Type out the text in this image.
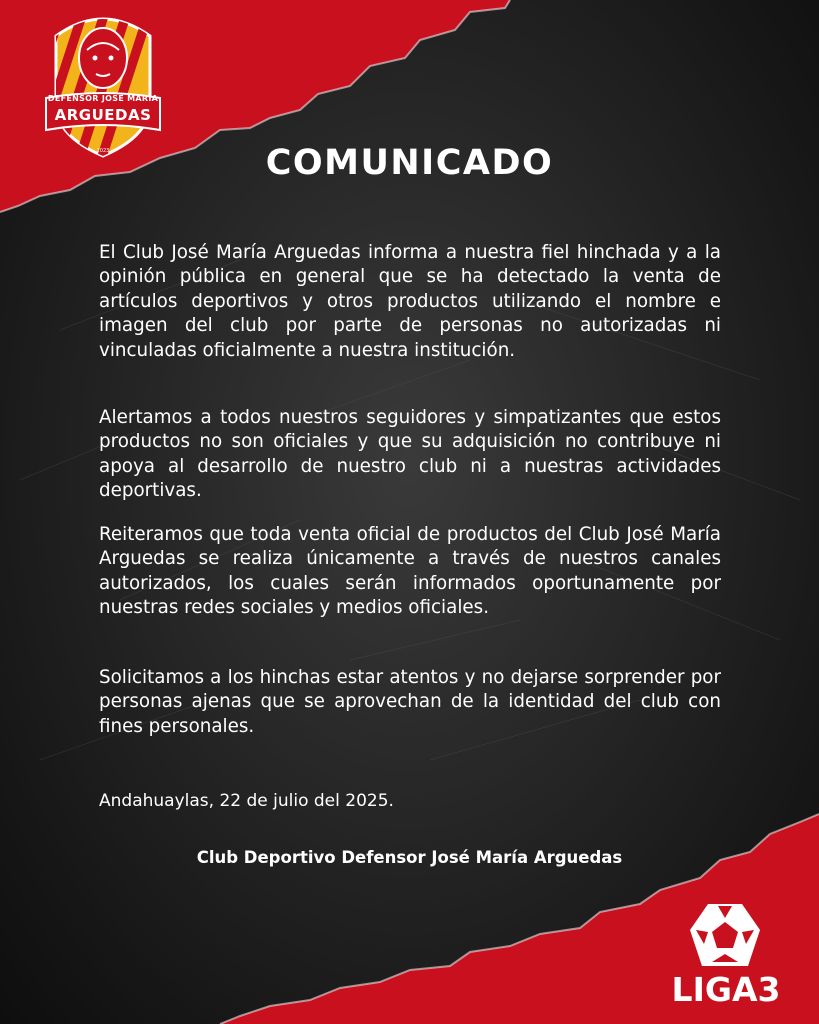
DEFENSOR JOSÉ MARÍA
ARGUEDAS
2023	COMUNICADO

El Club José María Arguedas informa a nuestra fiel hinchada y a la opinión pública en general que se ha detectado la venta de artículos deportivos y otros productos utilizando el nombre e imagen del club por parte de personas no autorizadas ni vinculadas oficialmente a nuestra institución.

Alertamos a todos nuestros seguidores y simpatizantes que estos productos no son oficiales y que su adquisición no contribuye ni apoya al desarrollo de nuestro club ni a nuestras actividades deportivas.

Reiteramos que toda venta oficial de productos del Club José María Arguedas se realiza únicamente a través de nuestros canales autorizados, los cuales serán informados oportunamente por nuestras redes sociales y medios oficiales.

Solicitamos a los hinchas estar atentos y no dejarse sorprender por personas ajenas que se aprovechan de la identidad del club con fines personales.

Andahuaylas, 22 de julio del 2025.

Club Deportivo Defensor José María Arguedas

LIGA3
